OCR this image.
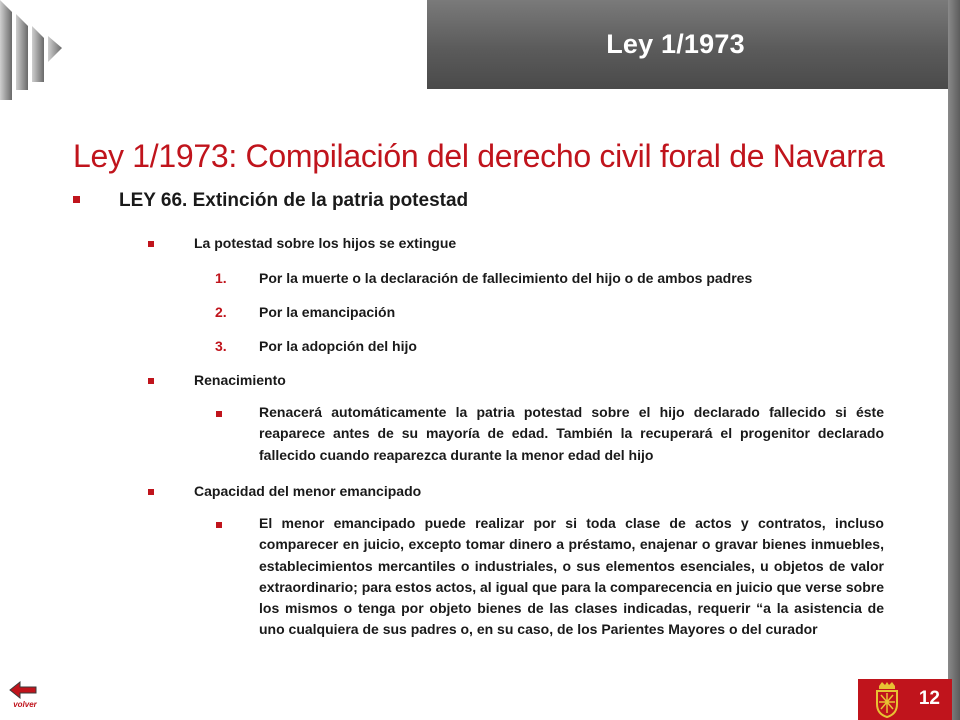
Ley 1/1973
Ley 1/1973: Compilación del derecho civil foral de Navarra
LEY 66. Extinción de la patria potestad
La potestad sobre los hijos se extingue
1. Por la muerte o la declaración de fallecimiento del hijo o de ambos padres
2. Por la emancipación
3. Por la adopción del hijo
Renacimiento

Renacerá automáticamente la patria potestad sobre el hijo declarado fallecido si éste reaparece antes de su mayoría de edad. También la recuperará el progenitor declarado fallecido cuando reaparezca durante la menor edad del hijo

Capacidad del menor emancipado

El menor emancipado puede realizar por si toda clase de actos y contratos, incluso comparecer en juicio, excepto tomar dinero a préstamo, enajenar o gravar bienes inmuebles, establecimientos mercantiles o industriales, o sus elementos esenciales, u objetos de valor extraordinario; para estos actos, al igual que para la comparecencia en juicio que verse sobre los mismos o tenga por objeto bienes de las clases indicadas, requerir “a la asistencia de uno cualquiera de sus padres o, en su caso, de los Parientes Mayores o del curador

volver	12
